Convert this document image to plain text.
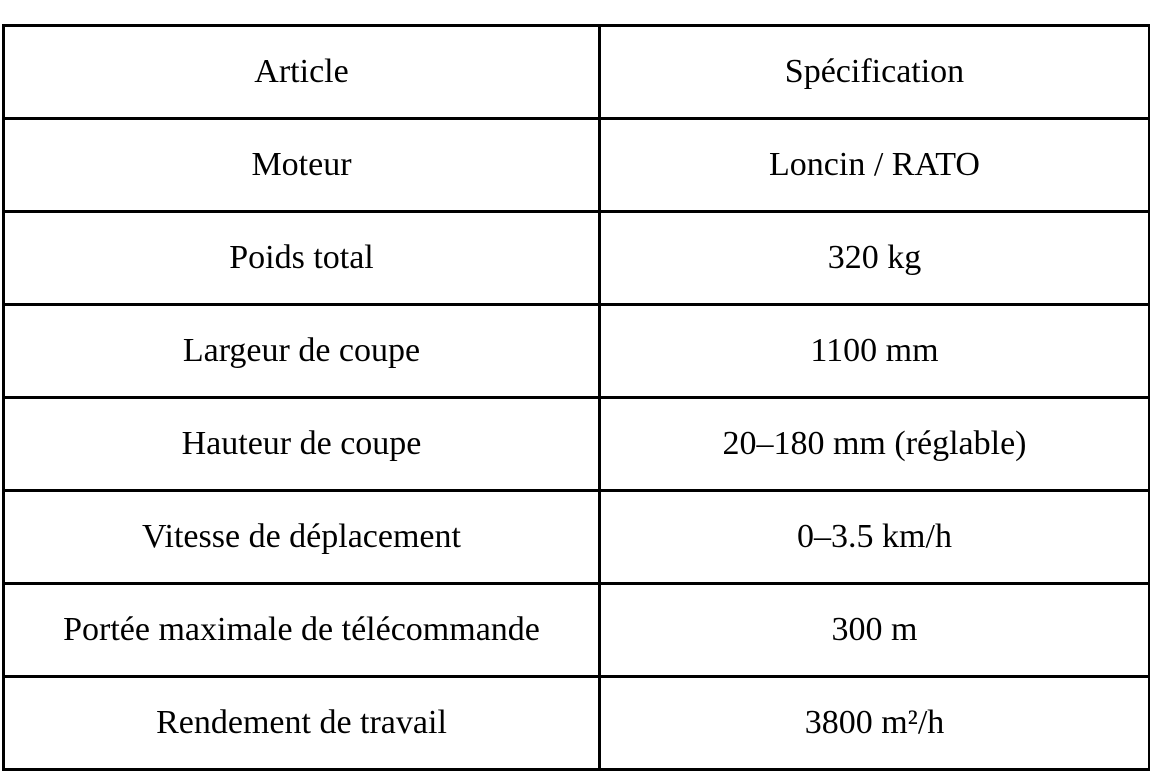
Article	Spécification
Moteur	Loncin / RATO
Poids total	320 kg
Largeur de coupe	1100 mm
Hauteur de coupe	20–180 mm (réglable)
Vitesse de déplacement	0–3.5 km/h
Portée maximale de télécommande	300 m
Rendement de travail	3800 m²/h
